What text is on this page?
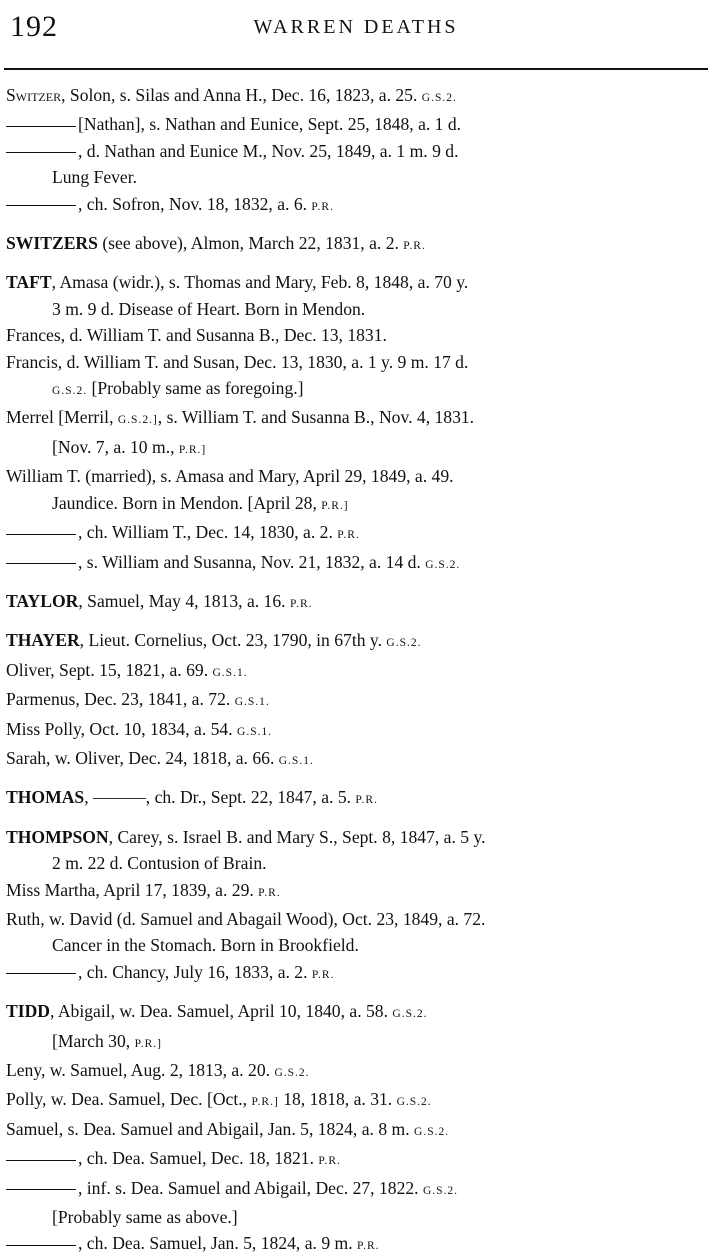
192	WARREN DEATHS
Switzer, Solon, s. Silas and Anna H., Dec. 16, 1823, a. 25. G.S.2.
[Nathan], s. Nathan and Eunice, Sept. 25, 1848, a. 1 d.
, d. Nathan and Eunice M., Nov. 25, 1849, a. 1 m. 9 d.
Lung Fever.
, ch. Sofron, Nov. 18, 1832, a. 6. P.R.
SWITZERS (see above), Almon, March 22, 1831, a. 2. P.R.
TAFT, Amasa (widr.), s. Thomas and Mary, Feb. 8, 1848, a. 70 y.
3 m. 9 d. Disease of Heart. Born in Mendon.
Frances, d. William T. and Susanna B., Dec. 13, 1831.
Francis, d. William T. and Susan, Dec. 13, 1830, a. 1 y. 9 m. 17 d.
G.S.2. [Probably same as foregoing.]
Merrel [Merril, G.S.2.], s. William T. and Susanna B., Nov. 4, 1831.
[Nov. 7, a. 10 m., P.R.]
William T. (married), s. Amasa and Mary, April 29, 1849, a. 49.
Jaundice. Born in Mendon. [April 28, P.R.]
, ch. William T., Dec. 14, 1830, a. 2. P.R.
, s. William and Susanna, Nov. 21, 1832, a. 14 d. G.S.2.
TAYLOR, Samuel, May 4, 1813, a. 16. P.R.
THAYER, Lieut. Cornelius, Oct. 23, 1790, in 67th y. G.S.2.
Oliver, Sept. 15, 1821, a. 69. G.S.1.
Parmenus, Dec. 23, 1841, a. 72. G.S.1.
Miss Polly, Oct. 10, 1834, a. 54. G.S.1.
Sarah, w. Oliver, Dec. 24, 1818, a. 66. G.S.1.
THOMAS, ———, ch. Dr., Sept. 22, 1847, a. 5. P.R.
THOMPSON, Carey, s. Israel B. and Mary S., Sept. 8, 1847, a. 5 y.
2 m. 22 d. Contusion of Brain.
Miss Martha, April 17, 1839, a. 29. P.R.
Ruth, w. David (d. Samuel and Abagail Wood), Oct. 23, 1849, a. 72.
Cancer in the Stomach. Born in Brookfield.
, ch. Chancy, July 16, 1833, a. 2. P.R.
TIDD, Abigail, w. Dea. Samuel, April 10, 1840, a. 58. G.S.2.
[March 30, P.R.]
Leny, w. Samuel, Aug. 2, 1813, a. 20. G.S.2.
Polly, w. Dea. Samuel, Dec. [Oct., P.R.] 18, 1818, a. 31. G.S.2.
Samuel, s. Dea. Samuel and Abigail, Jan. 5, 1824, a. 8 m. G.S.2.
, ch. Dea. Samuel, Dec. 18, 1821. P.R.
, inf. s. Dea. Samuel and Abigail, Dec. 27, 1822. G.S.2.
[Probably same as above.]
, ch. Dea. Samuel, Jan. 5, 1824, a. 9 m. P.R.
